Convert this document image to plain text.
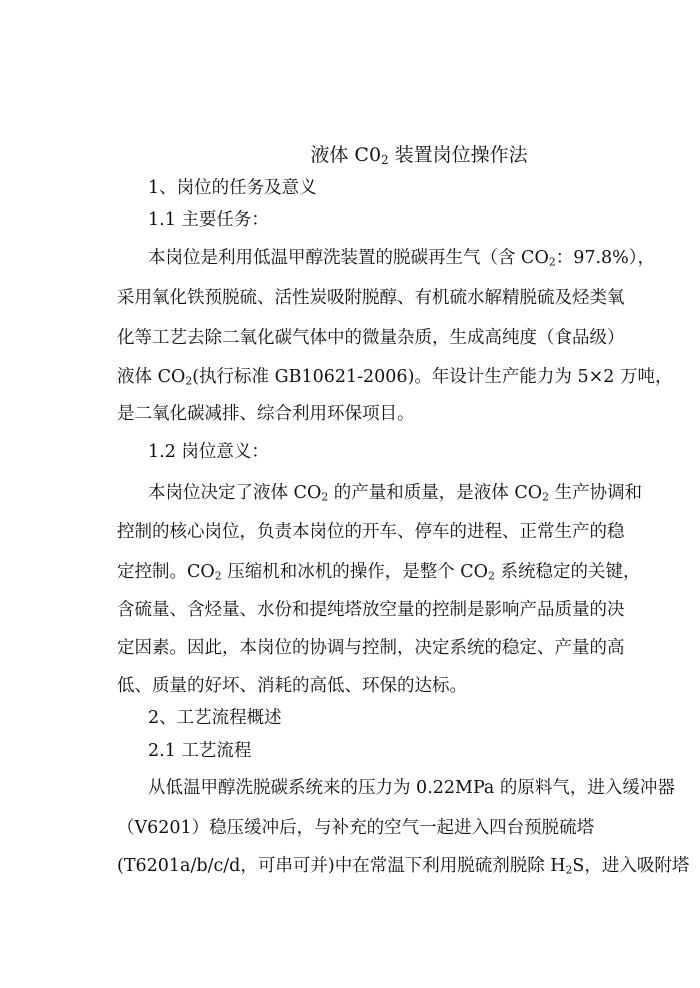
液体 $C0_2$ 装置岗位操作法
1、岗位的任务及意义
1.1 主要任务：
本岗位是利用低温甲醇洗装置的脱碳再生气（含 $CO_2$：97.8%），
采用氧化铁预脱硫、活性炭吸附脱醇、有机硫水解精脱硫及烃类氧
化等工艺去除二氧化碳气体中的微量杂质，生成高纯度（食品级）
液体 $CO_2$(执行标准 GB10621-2006)。年设计生产能力为 5×2 万吨，
是二氧化碳减排、综合利用环保项目。
1.2 岗位意义：
本岗位决定了液体 $CO_2$ 的产量和质量，是液体 $CO_2$ 生产协调和
控制的核心岗位，负责本岗位的开车、停车的进程、正常生产的稳
定控制。$CO_2$ 压缩机和冰机的操作，是整个 $CO_2$ 系统稳定的关键，
含硫量、含烃量、水份和提纯塔放空量的控制是影响产品质量的决
定因素。因此，本岗位的协调与控制，决定系统的稳定、产量的高
低、质量的好坏、消耗的高低、环保的达标。
2、工艺流程概述
2.1 工艺流程
从低温甲醇洗脱碳系统来的压力为 0.22MPa 的原料气，进入缓冲器
（V6201）稳压缓冲后，与补充的空气一起进入四台预脱硫塔
(T6201a/b/c/d，可串可并)中在常温下利用脱硫剂脱除 $H_2S$，进入吸附塔
